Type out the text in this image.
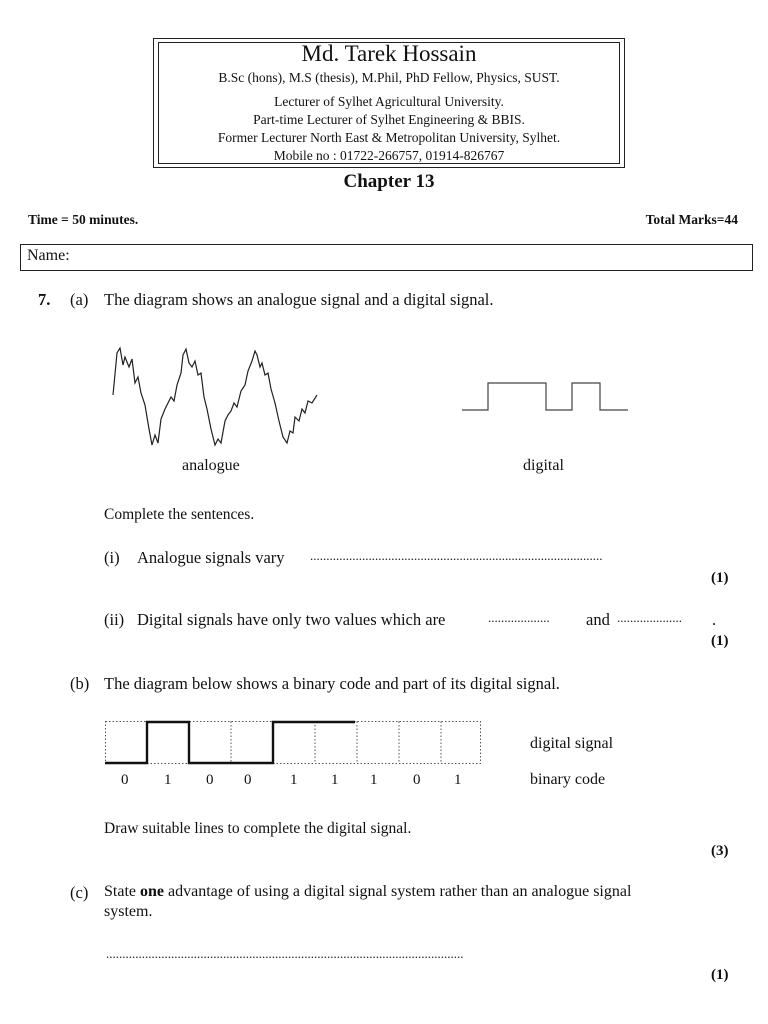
Md. Tarek Hossain
B.Sc (hons), M.S (thesis), M.Phil, PhD Fellow, Physics, SUST.
Lecturer of Sylhet Agricultural University.
Part-time Lecturer of Sylhet Engineering & BBIS.
Former Lecturer North East & Metropolitan University, Sylhet.
Mobile no : 01722-266757, 01914-826767
Chapter 13
Time = 50 minutes.	Total Marks=44
Name:
7. (a) The diagram shows an analogue signal and a digital signal.
analogue	digital
Complete the sentences.
(i) Analogue signals vary ..........................................................................................
(1)
(ii) Digital signals have only two values which are	................... and .................... .
(1)
(b) The diagram below shows a binary code and part of its digital signal.
digital signal
0 1 0 0	1 1 1 0 1	binary code
Draw suitable lines to complete the digital signal.
(3)
(c) State one advantage of using a digital signal system rather than an analogue signal
system.
..............................................................................................................
(1)
